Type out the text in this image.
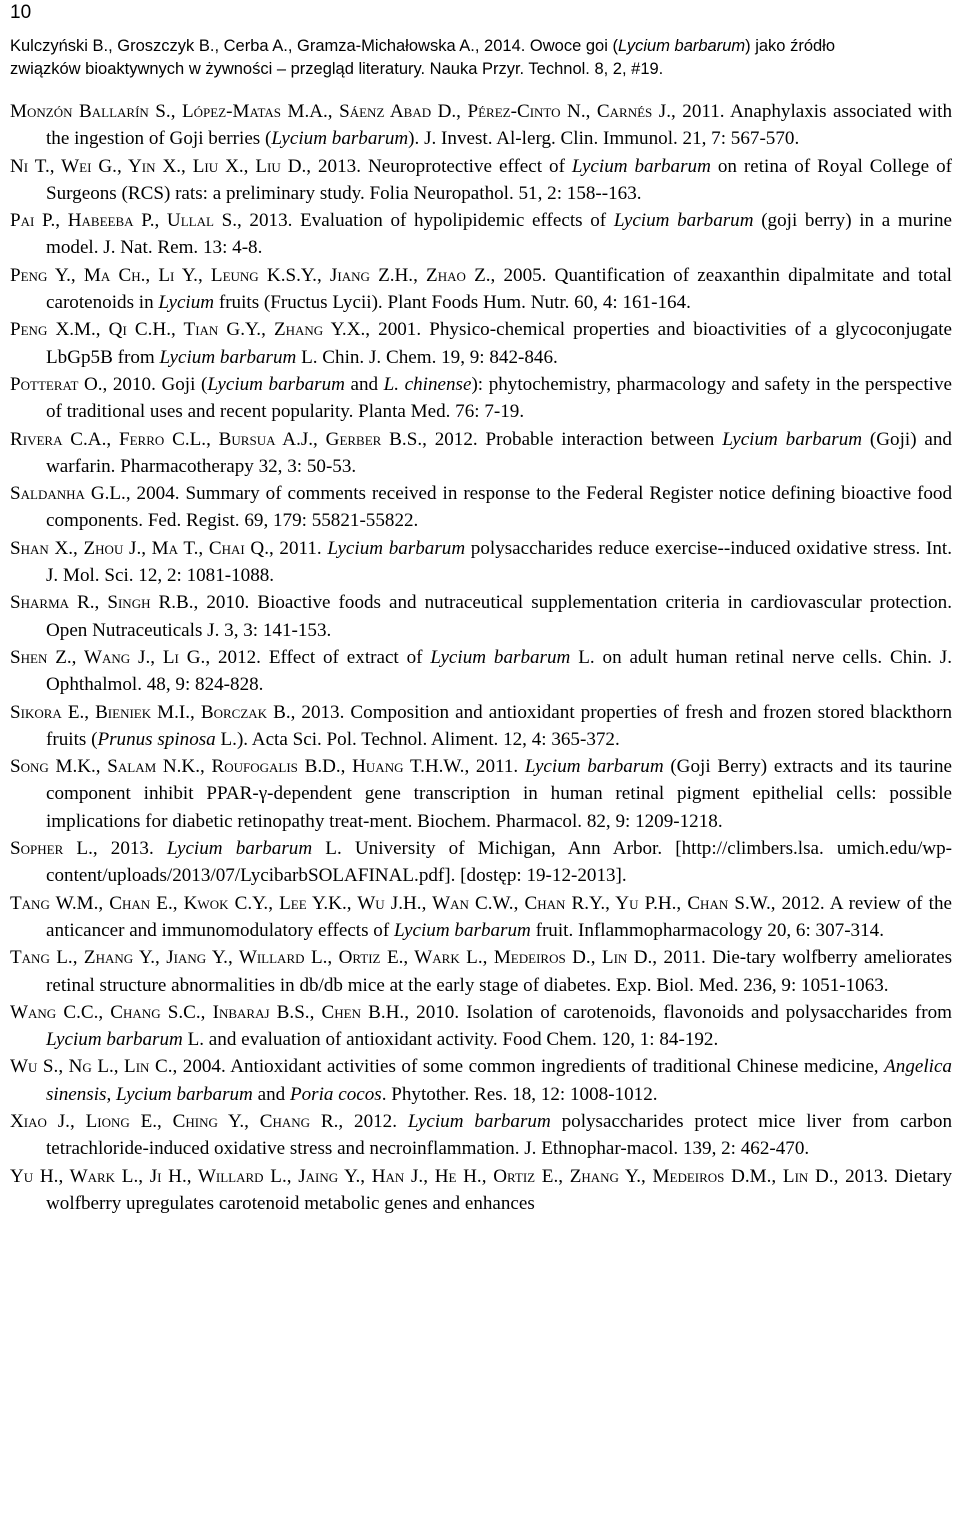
10
Kulczyński B., Groszczyk B., Cerba A., Gramza-Michałowska A., 2014. Owoce goi (Lycium barbarum) jako źródło
związków bioaktywnych w żywności – przegląd literatury. Nauka Przyr. Technol. 8, 2, #19.

Monzón Ballarín S., López-Matas M.A., Sáenz Abad D., Pérez-Cinto N., Carnés J., 2011. Anaphylaxis associated with the ingestion of Goji berries (Lycium barbarum). J. Invest. Al-lerg. Clin. Immunol. 21, 7: 567-570.

Ni T., Wei G., Yin X., Liu X., Liu D., 2013. Neuroprotective effect of Lycium barbarum on retina of Royal College of Surgeons (RCS) rats: a preliminary study. Folia Neuropathol. 51, 2: 158--163.

Pai P., Habeeba P., Ullal S., 2013. Evaluation of hypolipidemic effects of Lycium barbarum (goji berry) in a murine model. J. Nat. Rem. 13: 4-8.

Peng Y., Ma Ch., Li Y., Leung K.S.Y., Jiang Z.H., Zhao Z., 2005. Quantification of zeaxanthin dipalmitate and total carotenoids in Lycium fruits (Fructus Lycii). Plant Foods Hum. Nutr. 60, 4: 161-164.

Peng X.M., Qi C.H., Tian G.Y., Zhang Y.X., 2001. Physico-chemical properties and bioactivities of a glycoconjugate LbGp5B from Lycium barbarum L. Chin. J. Chem. 19, 9: 842-846.

Potterat O., 2010. Goji (Lycium barbarum and L. chinense): phytochemistry, pharmacology and safety in the perspective of traditional uses and recent popularity. Planta Med. 76: 7-19.

Rivera C.A., Ferro C.L., Bursua A.J., Gerber B.S., 2012. Probable interaction between Lycium barbarum (Goji) and warfarin. Pharmacotherapy 32, 3: 50-53.

Saldanha G.L., 2004. Summary of comments received in response to the Federal Register notice defining bioactive food components. Fed. Regist. 69, 179: 55821-55822.

Shan X., Zhou J., Ma T., Chai Q., 2011. Lycium barbarum polysaccharides reduce exercise--induced oxidative stress. Int. J. Mol. Sci. 12, 2: 1081-1088.

Sharma R., Singh R.B., 2010. Bioactive foods and nutraceutical supplementation criteria in cardiovascular protection. Open Nutraceuticals J. 3, 3: 141-153.

Shen Z., Wang J., Li G., 2012. Effect of extract of Lycium barbarum L. on adult human retinal nerve cells. Chin. J. Ophthalmol. 48, 9: 824-828.

Sikora E., Bieniek M.I., Borczak B., 2013. Composition and antioxidant properties of fresh and frozen stored blackthorn fruits (Prunus spinosa L.). Acta Sci. Pol. Technol. Aliment. 12, 4: 365-372.

Song M.K., Salam N.K., Roufogalis B.D., Huang T.H.W., 2011. Lycium barbarum (Goji Berry) extracts and its taurine component inhibit PPAR-γ-dependent gene transcription in human retinal pigment epithelial cells: possible implications for diabetic retinopathy treat-ment. Biochem. Pharmacol. 82, 9: 1209-1218.

Sopher L., 2013. Lycium barbarum L. University of Michigan, Ann Arbor. [http://climbers.lsa. umich.edu/wp-content/uploads/2013/07/LycibarbSOLAFINAL.pdf]. [dostęp: 19-12-2013].

Tang W.M., Chan E., Kwok C.Y., Lee Y.K., Wu J.H., Wan C.W., Chan R.Y., Yu P.H., Chan S.W., 2012. A review of the anticancer and immunomodulatory effects of Lycium barbarum fruit. Inflammopharmacology 20, 6: 307-314.

Tang L., Zhang Y., Jiang Y., Willard L., Ortiz E., Wark L., Medeiros D., Lin D., 2011. Die-tary wolfberry ameliorates retinal structure abnormalities in db/db mice at the early stage of diabetes. Exp. Biol. Med. 236, 9: 1051-1063.

Wang C.C., Chang S.C., Inbaraj B.S., Chen B.H., 2010. Isolation of carotenoids, flavonoids and polysaccharides from Lycium barbarum L. and evaluation of antioxidant activity. Food Chem. 120, 1: 84-192.

Wu S., Ng L., Lin C., 2004. Antioxidant activities of some common ingredients of traditional Chinese medicine, Angelica sinensis, Lycium barbarum and Poria cocos. Phytother. Res. 18, 12: 1008-1012.

Xiao J., Liong E., Ching Y., Chang R., 2012. Lycium barbarum polysaccharides protect mice liver from carbon tetrachloride-induced oxidative stress and necroinflammation. J. Ethnophar-macol. 139, 2: 462-470.

Yu H., Wark L., Ji H., Willard L., Jaing Y., Han J., He H., Ortiz E., Zhang Y., Medeiros D.M., Lin D., 2013. Dietary wolfberry upregulates carotenoid metabolic genes and enhances
